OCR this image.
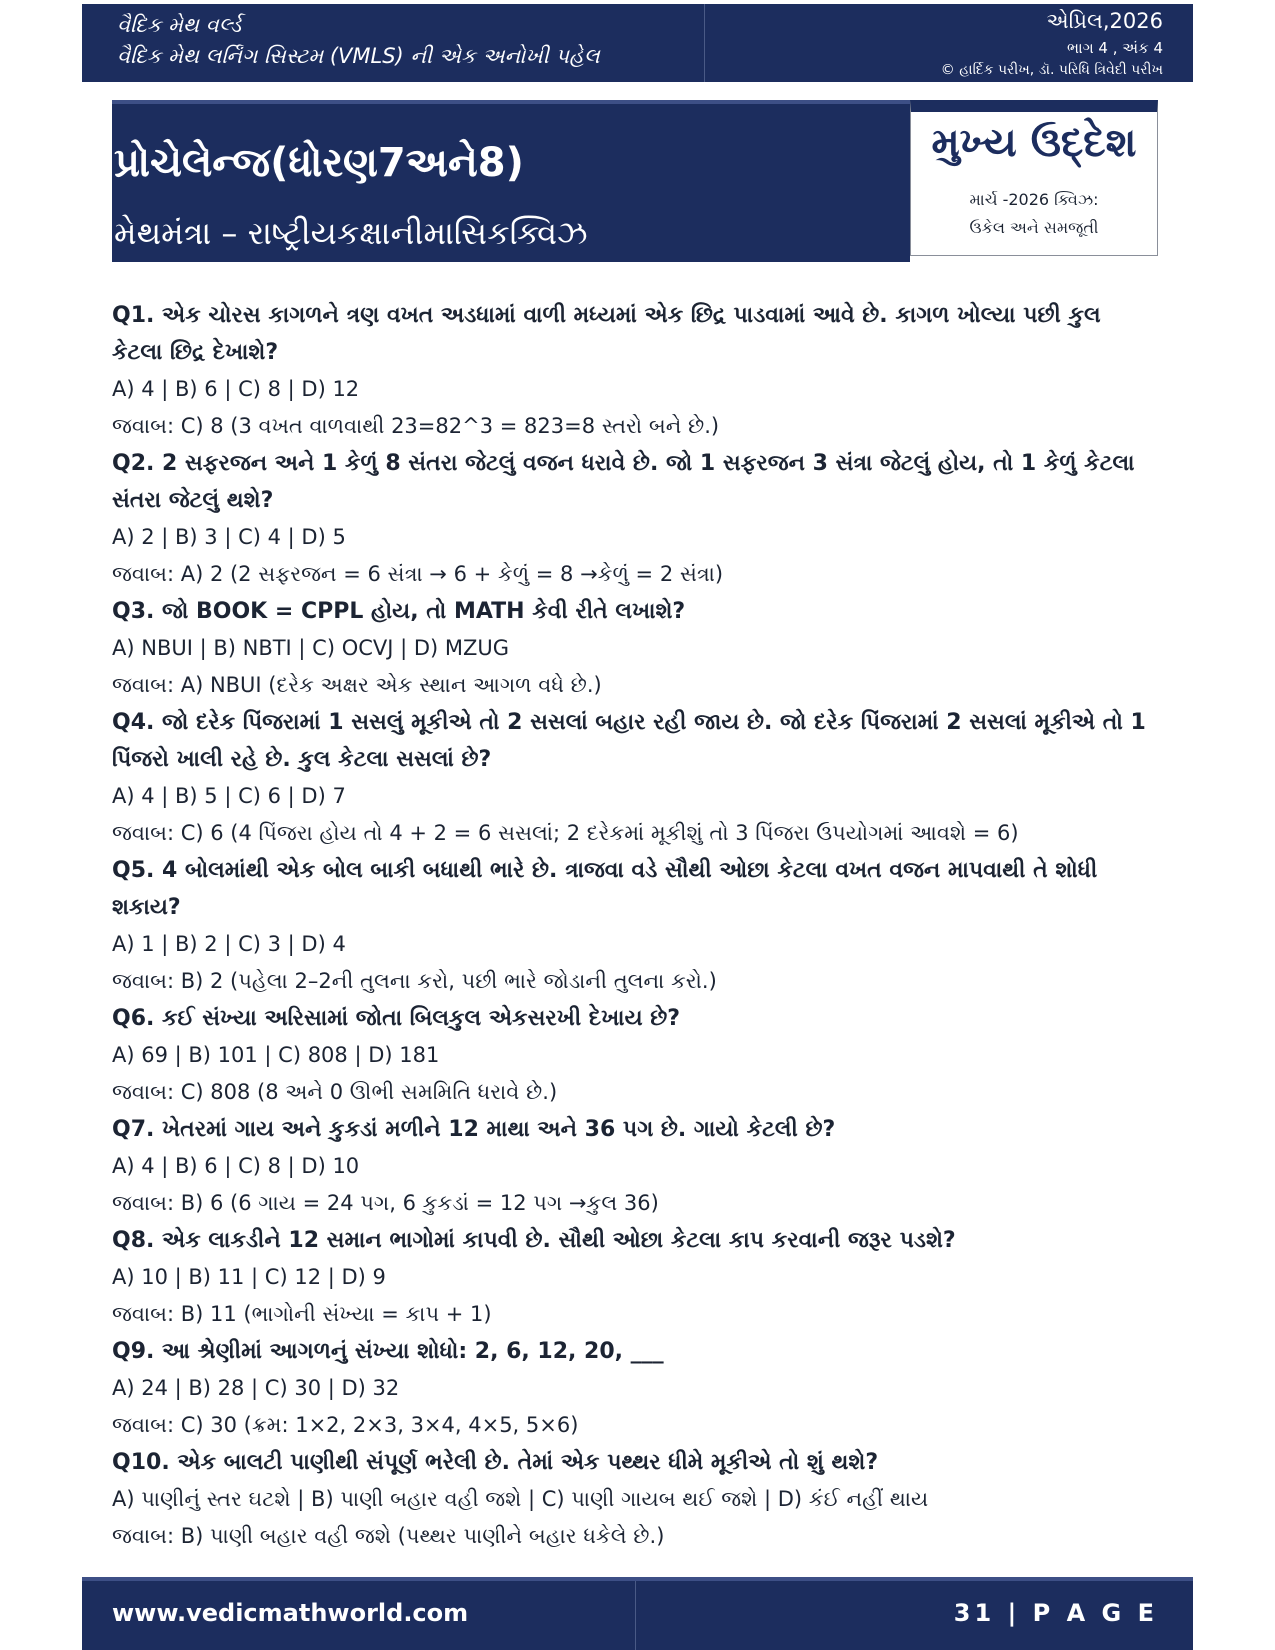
વૈદિક મેથ વર્લ્ડ
વૈદિક મેથ લર્નિંગ સિસ્ટમ (VMLS) ની એક અનોખી પહેલ
એપ્રિલ,2026
ભાગ 4 , અંક 4
© હાર્દિક પરીખ, ડૉ. પરિધિ ત્રિવેદી પરીખ
પ્રોચેલેન્જ(ધોરણ7અને8)
મેથમંત્રા – રાષ્ટ્રીયકક્ષાનીમાસિકક્વિઝ
મુખ્ય ઉદ્દેશ
માર્ચ -2026 ક્વિઝ:
ઉકેલ અને સમજૂતી

Q1. એક ચોરસ કાગળને ત્રણ વખત અડધામાં વાળી મધ્યમાં એક છિદ્ર પાડવામાં આવે છે. કાગળ ખોલ્યા પછી કુલ કેટલા છિદ્ર દેખાશે?

A) 4 | B) 6 | C) 8 | D) 12

જવાબ: C) 8 (3 વખત વાળવાથી 23=82^3 = 823=8 સ્તરો બને છે.)

Q2. 2 સફરજન અને 1 કેળું 8 સંતરા જેટલું વજન ધરાવે છે. જો 1 સફરજન 3 સંત્રા જેટલું હોય, તો 1 કેળું કેટલા સંતરા જેટલું થશે?

A) 2 | B) 3 | C) 4 | D) 5

જવાબ: A) 2 (2 સફરજન = 6 સંત્રા → 6 + કેળું = 8 →કેળું = 2 સંત્રા)

Q3. જો BOOK = CPPL હોય, તો MATH કેવી રીતે લખાશે?

A) NBUI | B) NBTI | C) OCVJ | D) MZUG

જવાબ: A) NBUI (દરેક અક્ષર એક સ્થાન આગળ વધે છે.)

Q4. જો દરેક પિંજરામાં 1 સસલું મૂકીએ તો 2 સસલાં બહાર રહી જાય છે. જો દરેક પિંજરામાં 2 સસલાં મૂકીએ તો 1 પિંજરો ખાલી રહે છે. કુલ કેટલા સસલાં છે?

A) 4 | B) 5 | C) 6 | D) 7

જવાબ: C) 6 (4 પિંજરા હોય તો 4 + 2 = 6 સસલાં; 2 દરેકમાં મૂકીશું તો 3 પિંજરા ઉપયોગમાં આવશે = 6)

Q5. 4 બોલમાંથી એક બોલ બાકી બધાથી ભારે છે. ત્રાજવા વડે સૌથી ઓછા કેટલા વખત વજન માપવાથી તે શોધી શકાય?

A) 1 | B) 2 | C) 3 | D) 4

જવાબ: B) 2 (પહેલા 2–2ની તુલના કરો, પછી ભારે જોડાની તુલના કરો.)

Q6. કઈ સંખ્યા અરિસામાં જોતા બિલકુલ એકસરખી દેખાય છે?

A) 69 | B) 101 | C) 808 | D) 181

જવાબ: C) 808 (8 અને 0 ઊભી સમમિતિ ધરાવે છે.)

Q7. ખેતરમાં ગાય અને કુકડાં મળીને 12 માથા અને 36 પગ છે. ગાયો કેટલી છે?

A) 4 | B) 6 | C) 8 | D) 10

જવાબ: B) 6 (6 ગાય = 24 પગ, 6 કુકડાં = 12 પગ →કુલ 36)

Q8. એક લાકડીને 12 સમાન ભાગોમાં કાપવી છે. સૌથી ઓછા કેટલા કાપ કરવાની જરૂર પડશે?

A) 10 | B) 11 | C) 12 | D) 9

જવાબ: B) 11 (ભાગોની સંખ્યા = કાપ + 1)

Q9. આ શ્રેણીમાં આગળનું સંખ્યા શોધો: 2, 6, 12, 20, ___

A) 24 | B) 28 | C) 30 | D) 32

જવાબ: C) 30 (ક્રમ: 1×2, 2×3, 3×4, 4×5, 5×6)

Q10. એક બાલટી પાણીથી સંપૂર્ણ ભરેલી છે. તેમાં એક પથ્થર ધીમે મૂકીએ તો શું થશે?

A) પાણીનું સ્તર ઘટશે | B) પાણી બહાર વહી જશે | C) પાણી ગાયબ થઈ જશે | D) કંઈ નહીં થાય

જવાબ: B) પાણી બહાર વહી જશે (પથ્થર પાણીને બહાર ધકેલે છે.)

www.vedicmathworld.com	31 | P A G E
